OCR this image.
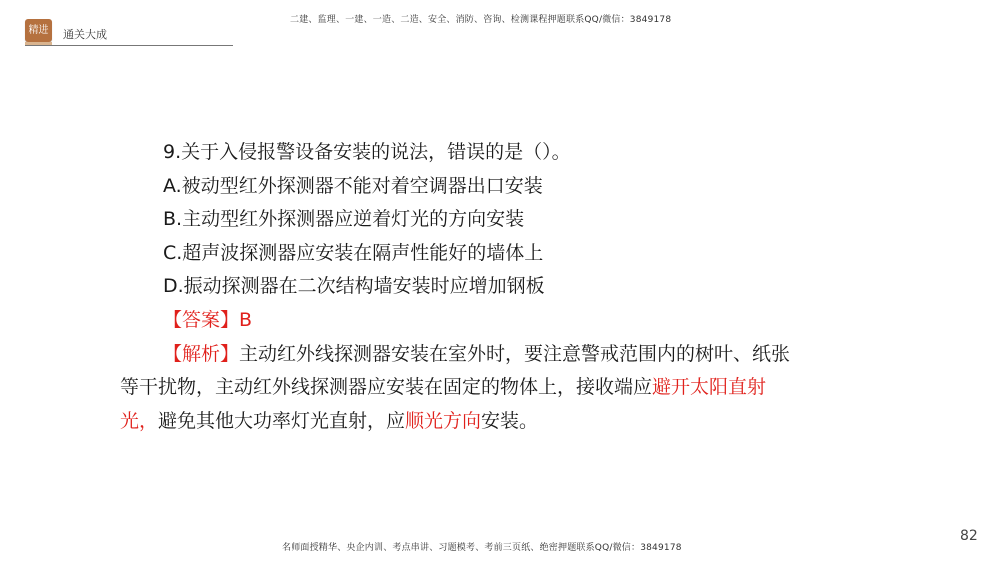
精进	通关大成
二建、监理、一建、一造、二造、安全、消防、咨询、检测课程押题联系QQ/微信：3849178
9.关于入侵报警设备安装的说法，错误的是（）。
A.被动型红外探测器不能对着空调器出口安装
B.主动型红外探测器应逆着灯光的方向安装
C.超声波探测器应安装在隔声性能好的墙体上
D.振动探测器在二次结构墙安装时应增加钢板
【答案】B
【解析】主动红外线探测器安装在室外时，要注意警戒范围内的树叶、纸张等干扰物，主动红外线探测器应安装在固定的物体上，接收端应避开太阳直射光，避免其他大功率灯光直射，应顺光方向安装。
名师面授精华、央企内训、考点串讲、习题模考、考前三页纸、绝密押题联系QQ/微信：3849178
82
